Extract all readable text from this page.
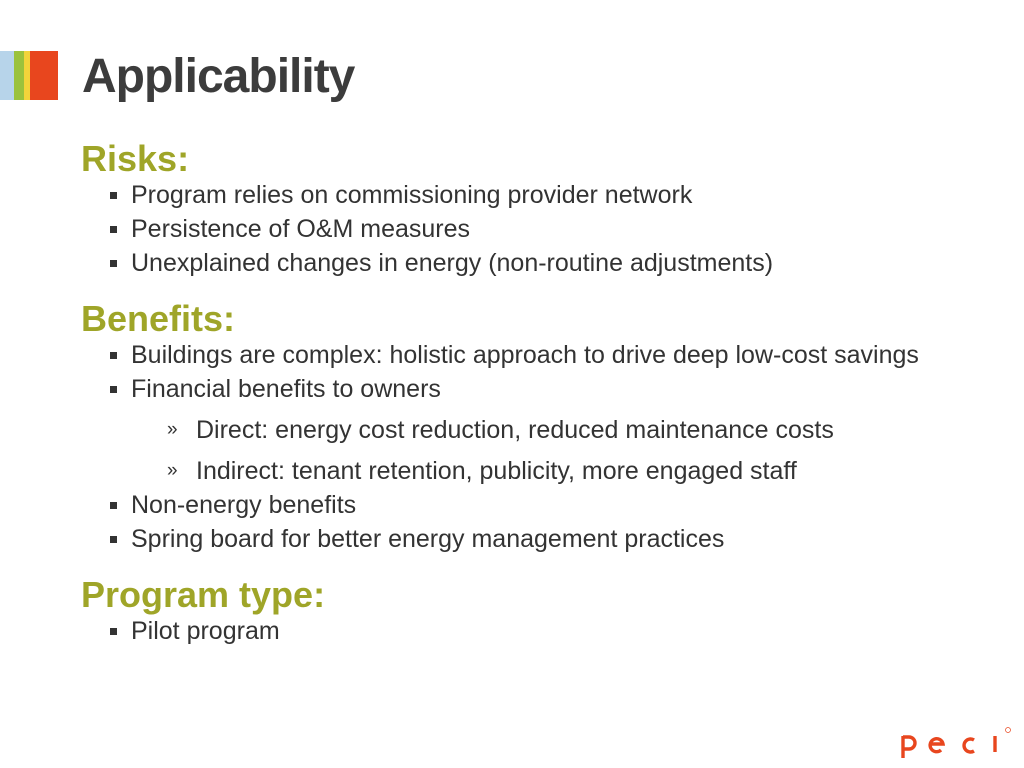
Applicability
Risks:
Program relies on commissioning provider network
Persistence of O&M measures
Unexplained changes in energy (non-routine adjustments)
Benefits:
Buildings are complex: holistic approach to drive deep low-cost savings
Financial benefits to owners
» Direct: energy cost reduction, reduced maintenance costs
» Indirect: tenant retention, publicity, more engaged staff
Non-energy benefits
Spring board for better energy management practices
Program type:
Pilot program
